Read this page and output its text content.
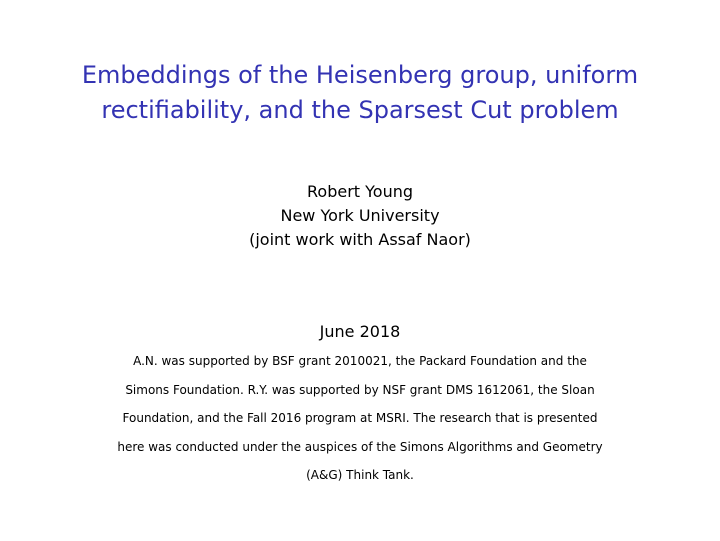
Embeddings of the Heisenberg group, uniform
rectifiability, and the Sparsest Cut problem
Robert Young
New York University
(joint work with Assaf Naor)
June 2018
A.N. was supported by BSF grant 2010021, the Packard Foundation and the
Simons Foundation. R.Y. was supported by NSF grant DMS 1612061, the Sloan
Foundation, and the Fall 2016 program at MSRI. The research that is presented
here was conducted under the auspices of the Simons Algorithms and Geometry
(A&G) Think Tank.
